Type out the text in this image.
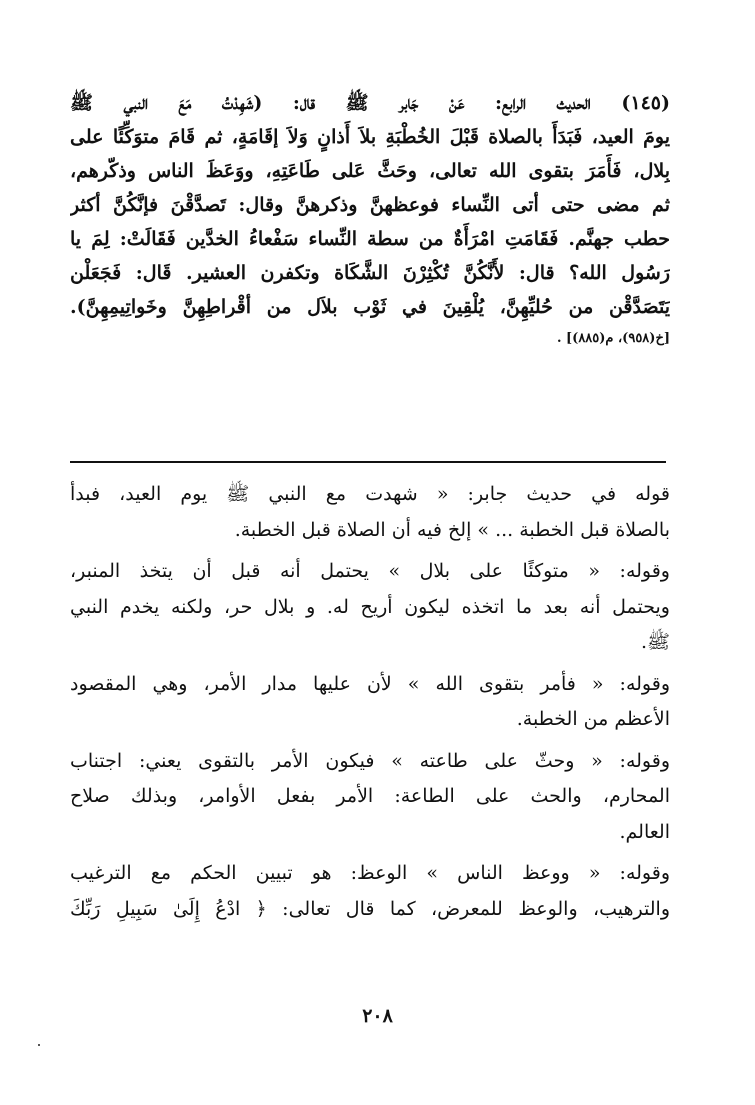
(١٤٥) الحديث الرابع: عَنْ جَابر ﷺ قال: (شَهِدْتُ مَعَ النبي ﷺ
يومَ العيد، فَبَدَأَ بالصلاة قَبْلَ الخُطْبَةِ بلاَ أَذانٍ وَلاَ إقَامَةٍ، ثم قَامَ متوَكِّئًا على
بِلال، فَأَمَرَ بتقوى الله تعالى، وحَثَّ عَلى طَاعَتِهِ، ووَعَظَ الناس وذكّرهم،
ثم مضى حتى أتى النِّساء فوعظهنَّ وذكرهنَّ وقال: تَصدَّقْنَ فإنَّكُنَّ أكثر
حطب جهنَّم. فَقَامَتِ امْرَأَةٌ من سطة النِّساء سَفْعاءُ الخدَّين فَقَالَتْ: لِمَ يا
رَسُول الله؟ قال: لأَنَّكُنَّ تُكْثِرْنَ الشَّكَاة وتكفرن العشير. قَال: فَجَعَلْن
يَتَصَدَّقْن من حُليِّهِنَّ، يُلْقِينَ في ثَوْب بلاَل من أقْراطِهِنَّ وخَواتِيمِهِنَّ).
[خ(٩٥٨)، م(٨٨٥)] .
قوله في حديث جابر: « شهدت مع النبي ﷺ يوم العيد، فبدأ
بالصلاة قبل الخطبة ... » إلخ فيه أن الصلاة قبل الخطبة.
وقوله: « متوكئًا على بلال » يحتمل أنه قبل أن يتخذ المنبر،
ويحتمل أنه بعد ما اتخذه ليكون أريح له. و بلال حر، ولكنه يخدم النبي
ﷺ.
وقوله: « فأمر بتقوى الله » لأن عليها مدار الأمر، وهي المقصود
الأعظم من الخطبة.
وقوله: « وحثّ على طاعته » فيكون الأمر بالتقوى يعني: اجتناب
المحارم، والحث على الطاعة: الأمر بفعل الأوامر، وبذلك صلاح
العالم.
وقوله: « ووعظ الناس » الوعظ: هو تبيين الحكم مع الترغيب
والترهيب، والوعظ للمعرض، كما قال تعالى: ﴿ ادْعُ إِلَىٰ سَبِيلِ رَبِّكَ
٢٠٨
